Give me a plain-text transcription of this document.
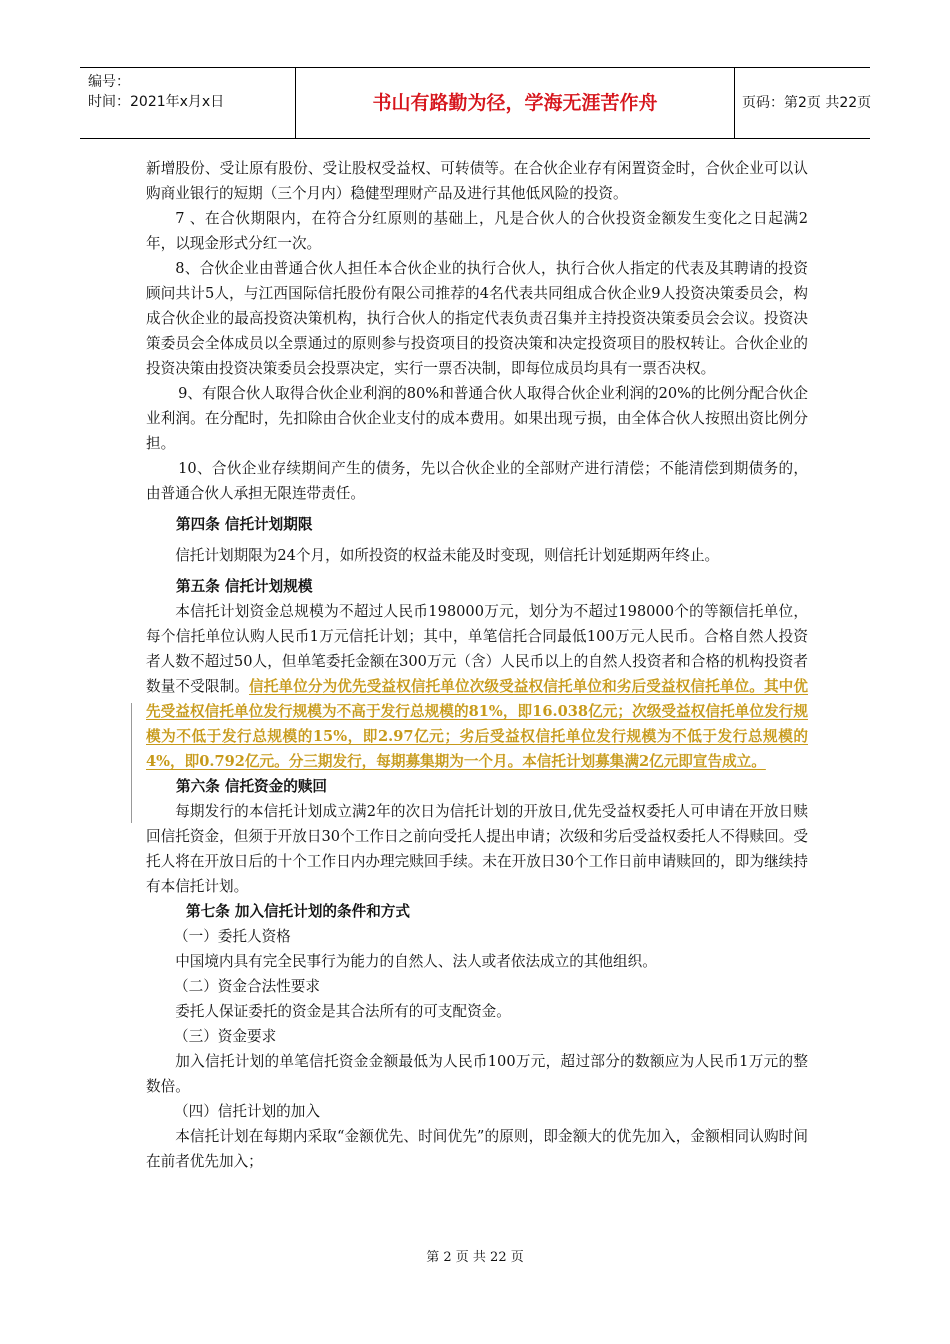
编号：
时间：2021年x月x日	书山有路勤为径，学海无涯苦作舟	页码：第2页 共22页

新增股份、受让原有股份、受让股权受益权、可转债等。在合伙企业存有闲置资金时，合伙企业可以认购商业银行的短期（三个月内）稳健型理财产品及进行其他低风险的投资。

7 、在合伙期限内，在符合分红原则的基础上，凡是合伙人的合伙投资金额发生变化之日起满2年，以现金形式分红一次。

8、合伙企业由普通合伙人担任本合伙企业的执行合伙人，执行合伙人指定的代表及其聘请的投资顾问共计5人，与江西国际信托股份有限公司推荐的4名代表共同组成合伙企业9人投资决策委员会，构成合伙企业的最高投资决策机构，执行合伙人的指定代表负责召集并主持投资决策委员会会议。投资决策委员会全体成员以全票通过的原则参与投资项目的投资决策和决定投资项目的股权转让。合伙企业的投资决策由投资决策委员会投票决定，实行一票否决制，即每位成员均具有一票否决权。

9、有限合伙人取得合伙企业利润的80%和普通合伙人取得合伙企业利润的20%的比例分配合伙企业利润。在分配时，先扣除由合伙企业支付的成本费用。如果出现亏损，由全体合伙人按照出资比例分担。

10、合伙企业存续期间产生的债务，先以合伙企业的全部财产进行清偿；不能清偿到期债务的，由普通合伙人承担无限连带责任。

第四条 信托计划期限

信托计划期限为24个月，如所投资的权益未能及时变现，则信托计划延期两年终止。

第五条 信托计划规模

本信托计划资金总规模为不超过人民币198000万元，划分为不超过198000个的等额信托单位，每个信托单位认购人民币1万元信托计划；其中，单笔信托合同最低100万元人民币。合格自然人投资者人数不超过50人，但单笔委托金额在300万元（含）人民币以上的自然人投资者和合格的机构投资者数量不受限制。信托单位分为优先受益权信托单位次级受益权信托单位和劣后受益权信托单位。其中优先受益权信托单位发行规模为不高于发行总规模的81%，即16.038亿元；次级受益权信托单位发行规模为不低于发行总规模的15%，即2.97亿元；劣后受益权信托单位发行规模为不低于发行总规模的4%，即0.792亿元。分三期发行，每期募集期为一个月。本信托计划募集满2亿元即宣告成立。

第六条 信托资金的赎回

每期发行的本信托计划成立满2年的次日为信托计划的开放日,优先受益权委托人可申请在开放日赎回信托资金，但须于开放日30个工作日之前向受托人提出申请；次级和劣后受益权委托人不得赎回。受托人将在开放日后的十个工作日内办理完赎回手续。未在开放日30个工作日前申请赎回的，即为继续持有本信托计划。

第七条 加入信托计划的条件和方式

（一）委托人资格

中国境内具有完全民事行为能力的自然人、法人或者依法成立的其他组织。

（二）资金合法性要求

委托人保证委托的资金是其合法所有的可支配资金。

（三）资金要求

加入信托计划的单笔信托资金金额最低为人民币100万元，超过部分的数额应为人民币1万元的整数倍。

（四）信托计划的加入

本信托计划在每期内采取“金额优先、时间优先”的原则，即金额大的优先加入，金额相同认购时间在前者优先加入；

第 2 页 共 22 页
